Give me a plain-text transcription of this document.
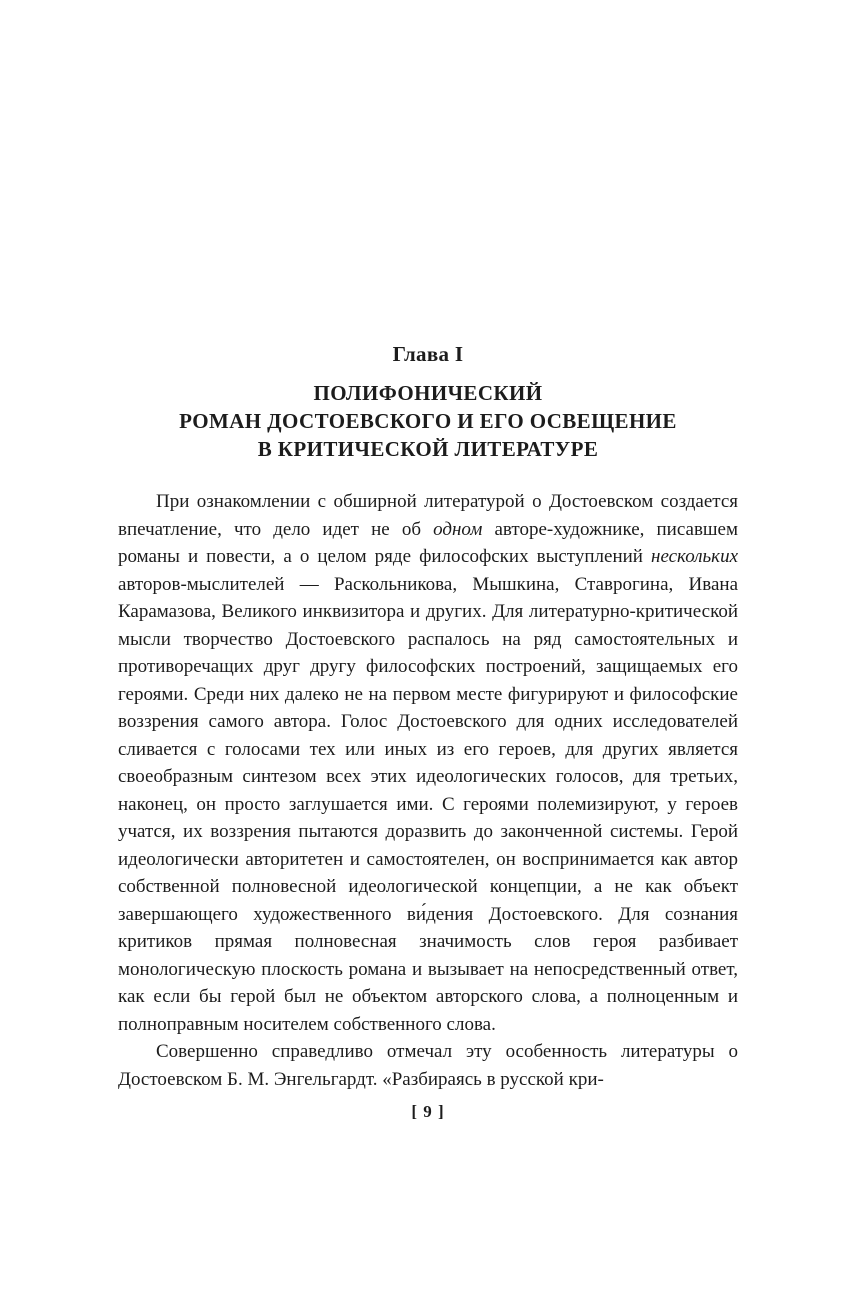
Глава I
ПОЛИФОНИЧЕСКИЙ
РОМАН ДОСТОЕВСКОГО И ЕГО ОСВЕЩЕНИЕ
В КРИТИЧЕСКОЙ ЛИТЕРАТУРЕ

При ознакомлении с обширной литературой о Достоевском создается впечатление, что дело идет не об одном авторе-художнике, писавшем романы и повести, а о целом ряде философских выступлений нескольких авторов-мыслителей — Раскольникова, Мышкина, Ставрогина, Ивана Карамазова, Великого инквизитора и других. Для литературно-критической мысли творчество Достоевского распалось на ряд самостоятельных и противоречащих друг другу философских построений, защищаемых его героями. Среди них далеко не на первом месте фигурируют и философские воззрения самого автора. Голос Достоевского для одних исследователей сливается с голосами тех или иных из его героев, для других является своеобразным синтезом всех этих идеологических голосов, для третьих, наконец, он просто заглушается ими. С героями полемизируют, у героев учатся, их воззрения пытаются доразвить до законченной системы. Герой идеологически авторитетен и самостоятелен, он воспринимается как автор собственной полновесной идеологической концепции, а не как объект завершающего художественного ви́дения Достоевского. Для сознания критиков прямая полновесная значимость слов героя разбивает монологическую плоскость романа и вызывает на непосредственный ответ, как если бы герой был не объектом авторского слова, а полноценным и полноправным носителем собственного слова.

Совершенно справедливо отмечал эту особенность литературы о Достоевском Б. М. Энгельгардт. «Разбираясь в русской кри-

[ 9 ]
